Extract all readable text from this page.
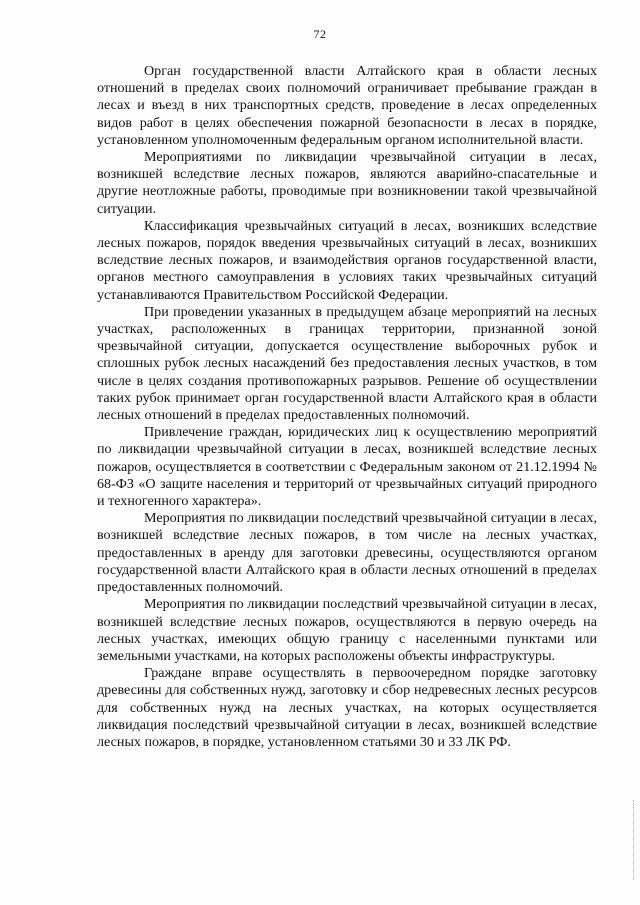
72

Орган государственной власти Алтайского края в области лесных отношений в пределах своих полномочий ограничивает пребывание граждан в лесах и въезд в них транспортных средств, проведение в лесах определенных видов работ в целях обеспечения пожарной безопасности в лесах в порядке, установленном уполномоченным федеральным органом исполнительной власти.

Мероприятиями по ликвидации чрезвычайной ситуации в лесах, возникшей вследствие лесных пожаров, являются аварийно-спасательные и другие неотложные работы, проводимые при возникновении такой чрезвычайной ситуации.

Классификация чрезвычайных ситуаций в лесах, возникших вследствие лесных пожаров, порядок введения чрезвычайных ситуаций в лесах, возникших вследствие лесных пожаров, и взаимодействия органов государственной власти, органов местного самоуправления в условиях таких чрезвычайных ситуаций устанавливаются Правительством Российской Федерации.

При проведении указанных в предыдущем абзаце мероприятий на лесных участках, расположенных в границах территории, признанной зоной чрезвычайной ситуации, допускается осуществление выборочных рубок и сплошных рубок лесных насаждений без предоставления лесных участков, в том числе в целях создания противопожарных разрывов. Решение об осуществлении таких рубок принимает орган государственной власти Алтайского края в области лесных отношений в пределах предоставленных полномочий.

Привлечение граждан, юридических лиц к осуществлению мероприятий по ликвидации чрезвычайной ситуации в лесах, возникшей вследствие лесных пожаров, осуществляется в соответствии с Федеральным законом от 21.12.1994 № 68-ФЗ «О защите населения и территорий от чрезвычайных ситуаций природного и техногенного характера».

Мероприятия по ликвидации последствий чрезвычайной ситуации в лесах, возникшей вследствие лесных пожаров, в том числе на лесных участках, предоставленных в аренду для заготовки древесины, осуществляются органом государственной власти Алтайского края в области лесных отношений в пределах предоставленных полномочий.

Мероприятия по ликвидации последствий чрезвычайной ситуации в лесах, возникшей вследствие лесных пожаров, осуществляются в первую очередь на лесных участках, имеющих общую границу с населенными пунктами или земельными участками, на которых расположены объекты инфраструктуры.

Граждане вправе осуществлять в первоочередном порядке заготовку древесины для собственных нужд, заготовку и сбор недревесных лесных ресурсов для собственных нужд на лесных участках, на которых осуществляется ликвидация последствий чрезвычайной ситуации в лесах, возникшей вследствие лесных пожаров, в порядке, установленном статьями 30 и 33 ЛК РФ.
